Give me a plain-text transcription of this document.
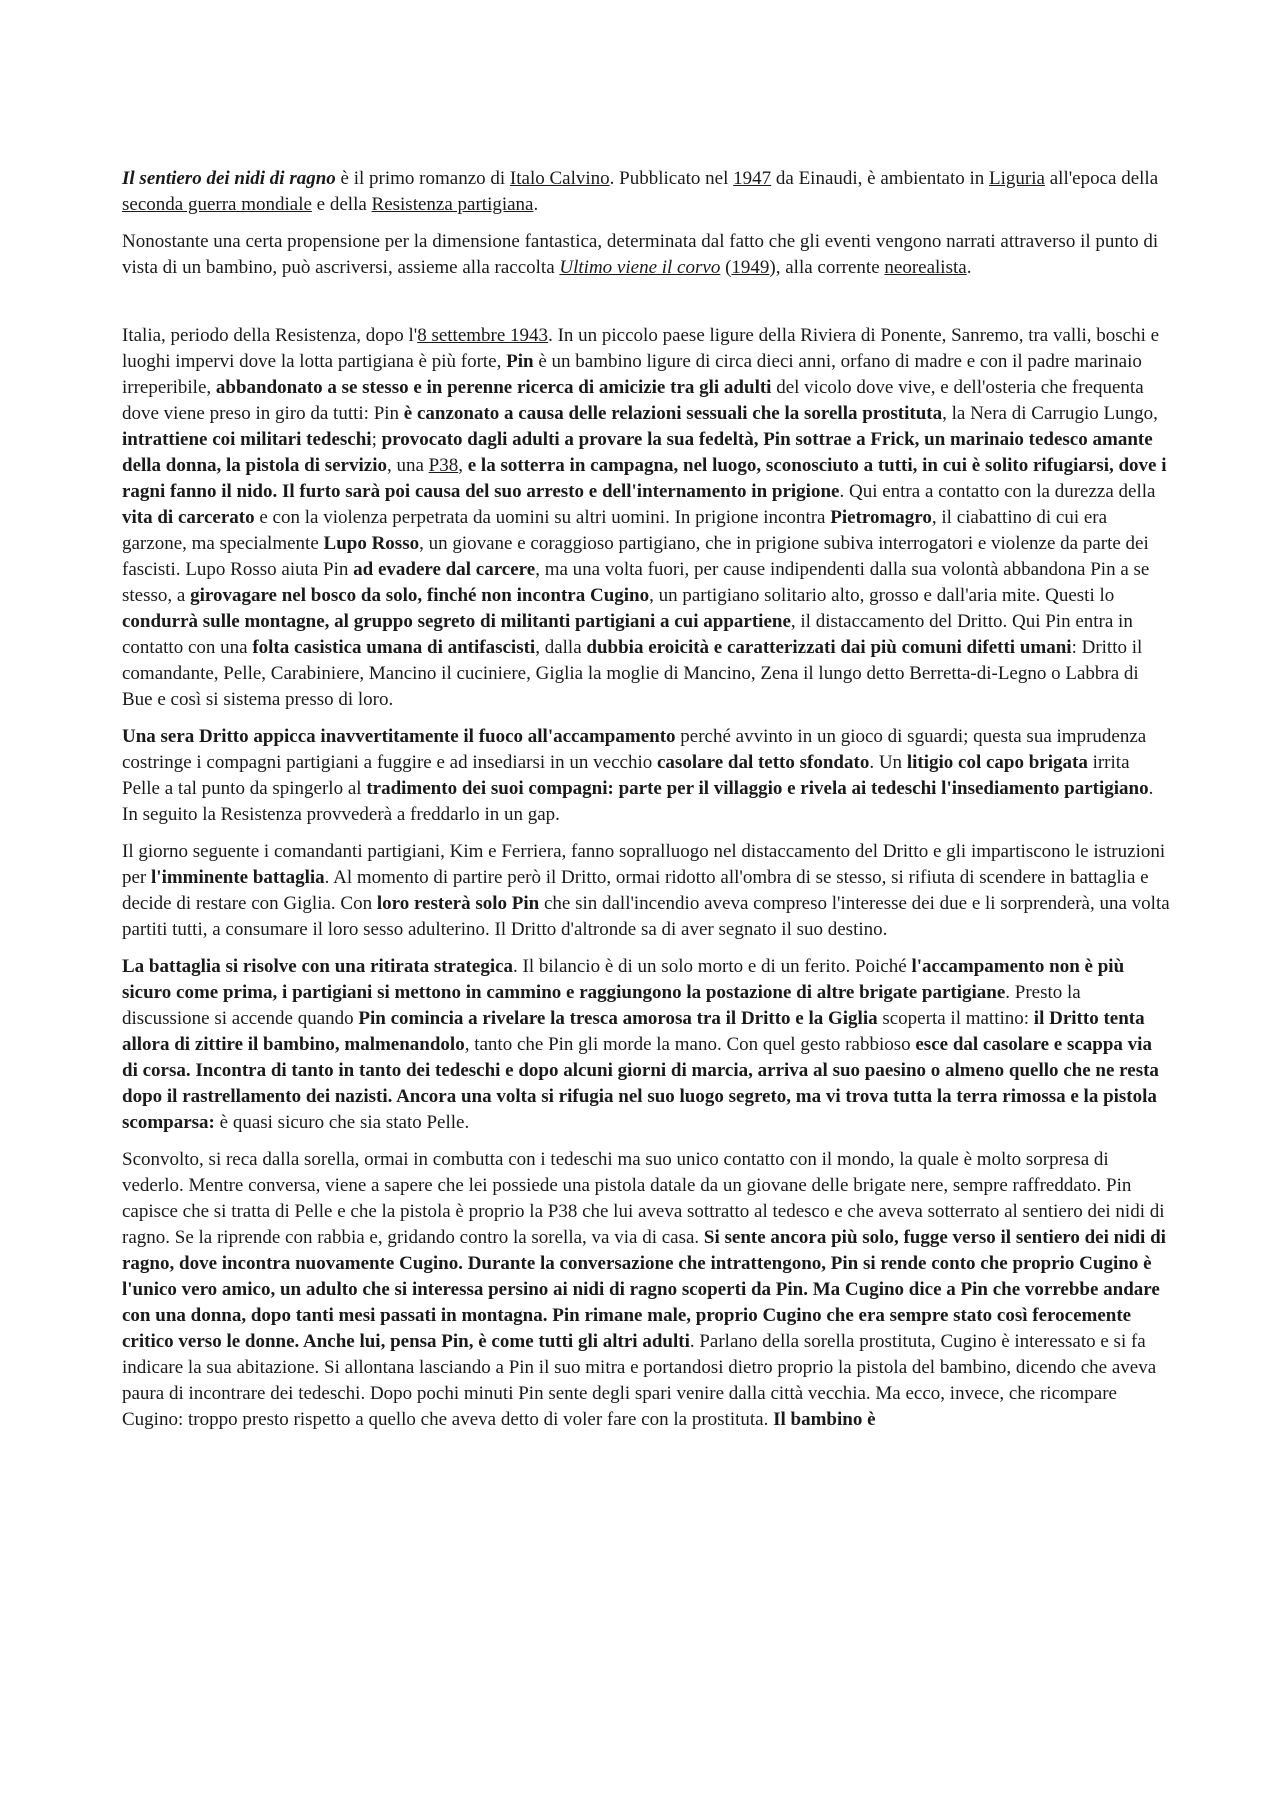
Il sentiero dei nidi di ragno è il primo romanzo di Italo Calvino. Pubblicato nel 1947 da Einaudi, è ambientato in Liguria all'epoca della seconda guerra mondiale e della Resistenza partigiana.

Nonostante una certa propensione per la dimensione fantastica, determinata dal fatto che gli eventi vengono narrati attraverso il punto di vista di un bambino, può ascriversi, assieme alla raccolta Ultimo viene il corvo (1949), alla corrente neorealista.

Italia, periodo della Resistenza, dopo l'8 settembre 1943. In un piccolo paese ligure della Riviera di Ponente, Sanremo, tra valli, boschi e luoghi impervi dove la lotta partigiana è più forte, Pin è un bambino ligure di circa dieci anni, orfano di madre e con il padre marinaio irreperibile, abbandonato a se stesso e in perenne ricerca di amicizie tra gli adulti del vicolo dove vive, e dell'osteria che frequenta dove viene preso in giro da tutti: Pin è canzonato a causa delle relazioni sessuali che la sorella prostituta, la Nera di Carrugio Lungo, intrattiene coi militari tedeschi; provocato dagli adulti a provare la sua fedeltà, Pin sottrae a Frick, un marinaio tedesco amante della donna, la pistola di servizio, una P38, e la sotterra in campagna, nel luogo, sconosciuto a tutti, in cui è solito rifugiarsi, dove i ragni fanno il nido. Il furto sarà poi causa del suo arresto e dell'internamento in prigione. Qui entra a contatto con la durezza della vita di carcerato e con la violenza perpetrata da uomini su altri uomini. In prigione incontra Pietromagro, il ciabattino di cui era garzone, ma specialmente Lupo Rosso, un giovane e coraggioso partigiano, che in prigione subiva interrogatori e violenze da parte dei fascisti. Lupo Rosso aiuta Pin ad evadere dal carcere, ma una volta fuori, per cause indipendenti dalla sua volontà abbandona Pin a se stesso, a girovagare nel bosco da solo, finché non incontra Cugino, un partigiano solitario alto, grosso e dall'aria mite. Questi lo condurrà sulle montagne, al gruppo segreto di militanti partigiani a cui appartiene, il distaccamento del Dritto. Qui Pin entra in contatto con una folta casistica umana di antifascisti, dalla dubbia eroicità e caratterizzati dai più comuni difetti umani: Dritto il comandante, Pelle, Carabiniere, Mancino il cuciniere, Giglia la moglie di Mancino, Zena il lungo detto Berretta-di-Legno o Labbra di Bue e così si sistema presso di loro.

Una sera Dritto appicca inavvertitamente il fuoco all'accampamento perché avvinto in un gioco di sguardi; questa sua imprudenza costringe i compagni partigiani a fuggire e ad insediarsi in un vecchio casolare dal tetto sfondato. Un litigio col capo brigata irrita Pelle a tal punto da spingerlo al tradimento dei suoi compagni: parte per il villaggio e rivela ai tedeschi l'insediamento partigiano. In seguito la Resistenza provvederà a freddarlo in un gap.

Il giorno seguente i comandanti partigiani, Kim e Ferriera, fanno sopralluogo nel distaccamento del Dritto e gli impartiscono le istruzioni per l'imminente battaglia. Al momento di partire però il Dritto, ormai ridotto all'ombra di se stesso, si rifiuta di scendere in battaglia e decide di restare con Giglia. Con loro resterà solo Pin che sin dall'incendio aveva compreso l'interesse dei due e li sorprenderà, una volta partiti tutti, a consumare il loro sesso adulterino. Il Dritto d'altronde sa di aver segnato il suo destino.

La battaglia si risolve con una ritirata strategica. Il bilancio è di un solo morto e di un ferito. Poiché l'accampamento non è più sicuro come prima, i partigiani si mettono in cammino e raggiungono la postazione di altre brigate partigiane. Presto la discussione si accende quando Pin comincia a rivelare la tresca amorosa tra il Dritto e la Giglia scoperta il mattino: il Dritto tenta allora di zittire il bambino, malmenandolo, tanto che Pin gli morde la mano. Con quel gesto rabbioso esce dal casolare e scappa via di corsa. Incontra di tanto in tanto dei tedeschi e dopo alcuni giorni di marcia, arriva al suo paesino o almeno quello che ne resta dopo il rastrellamento dei nazisti. Ancora una volta si rifugia nel suo luogo segreto, ma vi trova tutta la terra rimossa e la pistola scomparsa: è quasi sicuro che sia stato Pelle.

Sconvolto, si reca dalla sorella, ormai in combutta con i tedeschi ma suo unico contatto con il mondo, la quale è molto sorpresa di vederlo. Mentre conversa, viene a sapere che lei possiede una pistola datale da un giovane delle brigate nere, sempre raffreddato. Pin capisce che si tratta di Pelle e che la pistola è proprio la P38 che lui aveva sottratto al tedesco e che aveva sotterrato al sentiero dei nidi di ragno. Se la riprende con rabbia e, gridando contro la sorella, va via di casa. Si sente ancora più solo, fugge verso il sentiero dei nidi di ragno, dove incontra nuovamente Cugino. Durante la conversazione che intrattengono, Pin si rende conto che proprio Cugino è l'unico vero amico, un adulto che si interessa persino ai nidi di ragno scoperti da Pin. Ma Cugino dice a Pin che vorrebbe andare con una donna, dopo tanti mesi passati in montagna. Pin rimane male, proprio Cugino che era sempre stato così ferocemente critico verso le donne. Anche lui, pensa Pin, è come tutti gli altri adulti. Parlano della sorella prostituta, Cugino è interessato e si fa indicare la sua abitazione. Si allontana lasciando a Pin il suo mitra e portandosi dietro proprio la pistola del bambino, dicendo che aveva paura di incontrare dei tedeschi. Dopo pochi minuti Pin sente degli spari venire dalla città vecchia. Ma ecco, invece, che ricompare Cugino: troppo presto rispetto a quello che aveva detto di voler fare con la prostituta. Il bambino è
